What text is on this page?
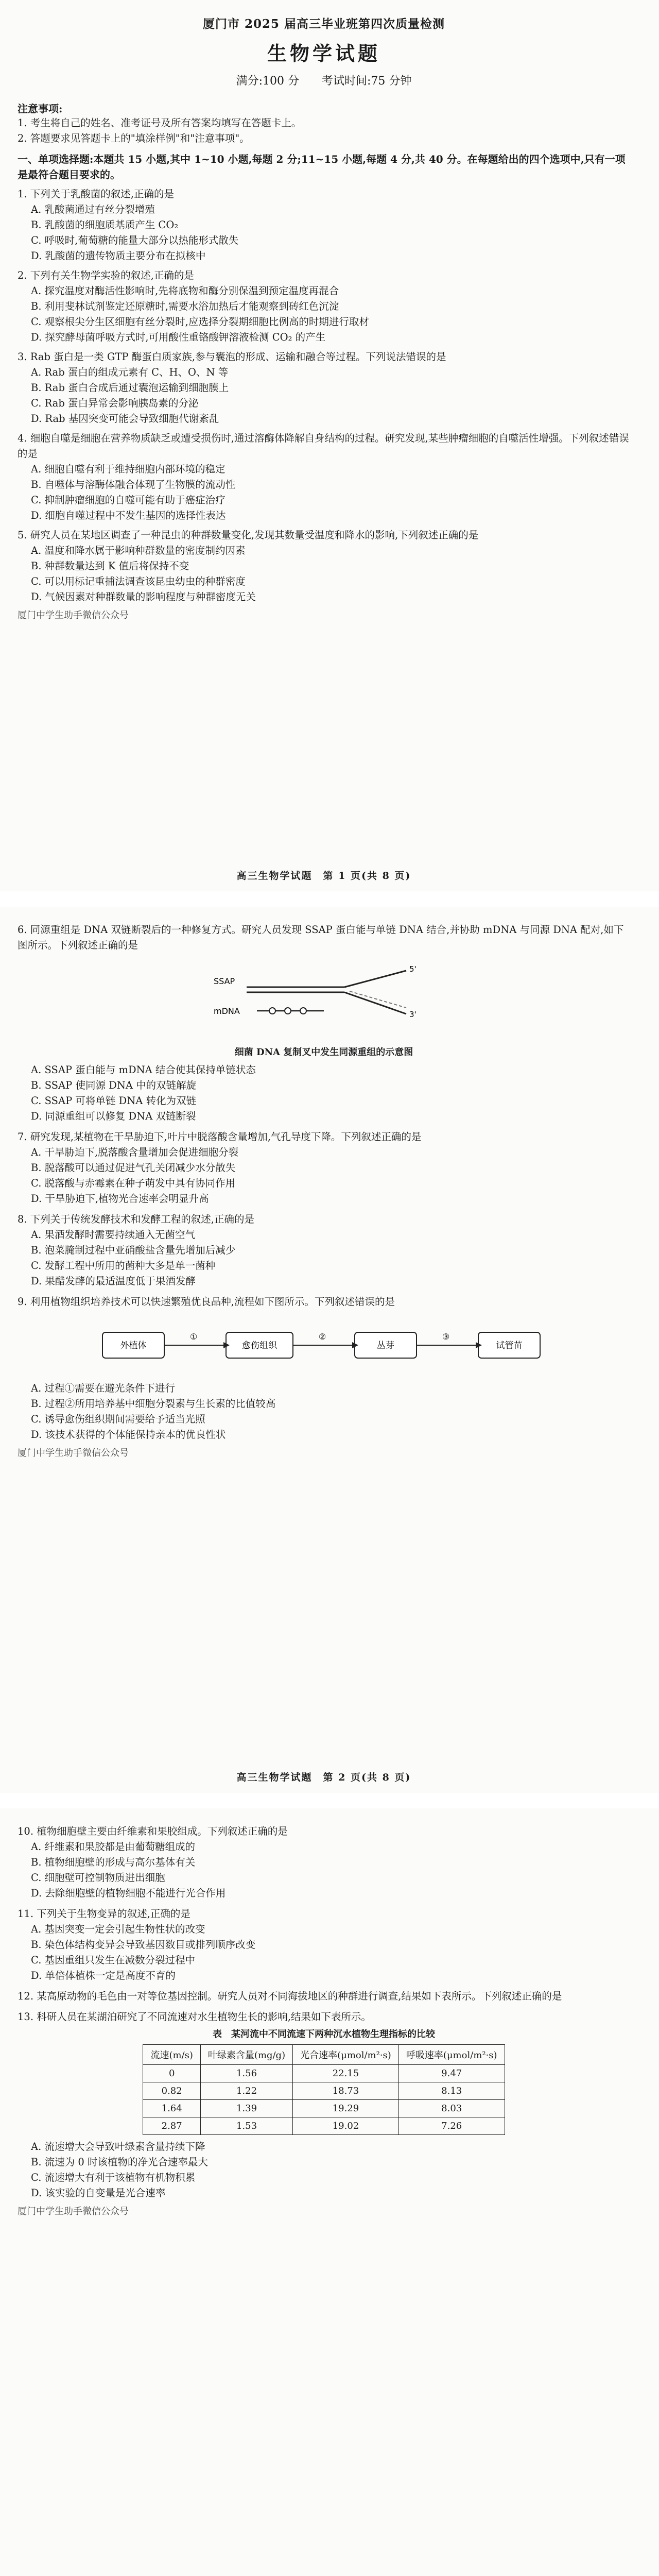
厦门市 2025 届高三毕业班第四次质量检测
生物学试题
满分:100 分　　考试时间:75 分钟
注意事项:

1. 考生将自己的姓名、准考证号及所有答案均填写在答题卡上。

2. 答题要求见答题卡上的"填涂样例"和"注意事项"。

一、单项选择题:本题共 15 小题,其中 1~10 小题,每题 2 分;11~15 小题,每题 4 分,共 40 分。在每题给出的四个选项中,只有一项是最符合题目要求的。

1. 下列关于乳酸菌的叙述,正确的是

A. 乳酸菌通过有丝分裂增殖

B. 乳酸菌的细胞质基质产生 CO₂

C. 呼吸时,葡萄糖的能量大部分以热能形式散失

D. 乳酸菌的遗传物质主要分布在拟核中

2. 下列有关生物学实验的叙述,正确的是

A. 探究温度对酶活性影响时,先将底物和酶分别保温到预定温度再混合

B. 利用斐林试剂鉴定还原糖时,需要水浴加热后才能观察到砖红色沉淀

C. 观察根尖分生区细胞有丝分裂时,应选择分裂期细胞比例高的时期进行取材

D. 探究酵母菌呼吸方式时,可用酸性重铬酸钾溶液检测 CO₂ 的产生

3. Rab 蛋白是一类 GTP 酶蛋白质家族,参与囊泡的形成、运输和融合等过程。下列说法错误的是

A. Rab 蛋白的组成元素有 C、H、O、N 等

B. Rab 蛋白合成后通过囊泡运输到细胞膜上

C. Rab 蛋白异常会影响胰岛素的分泌

D. Rab 基因突变可能会导致细胞代谢紊乱

4. 细胞自噬是细胞在营养物质缺乏或遭受损伤时,通过溶酶体降解自身结构的过程。研究发现,某些肿瘤细胞的自噬活性增强。下列叙述错误的是

A. 细胞自噬有利于维持细胞内部环境的稳定

B. 自噬体与溶酶体融合体现了生物膜的流动性

C. 抑制肿瘤细胞的自噬可能有助于癌症治疗

D. 细胞自噬过程中不发生基因的选择性表达

5. 研究人员在某地区调查了一种昆虫的种群数量变化,发现其数量受温度和降水的影响,下列叙述正确的是

A. 温度和降水属于影响种群数量的密度制约因素

B. 种群数量达到 K 值后将保持不变

C. 可以用标记重捕法调查该昆虫幼虫的种群密度

D. 气候因素对种群数量的影响程度与种群密度无关

厦门中学生助手微信公众号

高三生物学试题　第 1 页(共 8 页)

6. 同源重组是 DNA 双链断裂后的一种修复方式。研究人员发现 SSAP 蛋白能与单链 DNA 结合,并协助 mDNA 与同源 DNA 配对,如下图所示。下列叙述正确的是

SSAP
mDNA
5'
3'
细菌 DNA 复制叉中发生同源重组的示意图

A. SSAP 蛋白能与 mDNA 结合使其保持单链状态

B. SSAP 使同源 DNA 中的双链解旋

C. SSAP 可将单链 DNA 转化为双链

D. 同源重组可以修复 DNA 双链断裂

7. 研究发现,某植物在干旱胁迫下,叶片中脱落酸含量增加,气孔导度下降。下列叙述正确的是

A. 干旱胁迫下,脱落酸含量增加会促进细胞分裂

B. 脱落酸可以通过促进气孔关闭减少水分散失

C. 脱落酸与赤霉素在种子萌发中具有协同作用

D. 干旱胁迫下,植物光合速率会明显升高

8. 下列关于传统发酵技术和发酵工程的叙述,正确的是

A. 果酒发酵时需要持续通入无菌空气

B. 泡菜腌制过程中亚硝酸盐含量先增加后减少

C. 发酵工程中所用的菌种大多是单一菌种

D. 果醋发酵的最适温度低于果酒发酵

9. 利用植物组织培养技术可以快速繁殖优良品种,流程如下图所示。下列叙述错误的是

外植体	愈伤组织	丛芽	试管苗
①	②	③

A. 过程①需要在避光条件下进行

B. 过程②所用培养基中细胞分裂素与生长素的比值较高

C. 诱导愈伤组织期间需要给予适当光照

D. 该技术获得的个体能保持亲本的优良性状

厦门中学生助手微信公众号

高三生物学试题　第 2 页(共 8 页)

10. 植物细胞壁主要由纤维素和果胶组成。下列叙述正确的是

A. 纤维素和果胶都是由葡萄糖组成的

B. 植物细胞壁的形成与高尔基体有关

C. 细胞壁可控制物质进出细胞

D. 去除细胞壁的植物细胞不能进行光合作用

11. 下列关于生物变异的叙述,正确的是

A. 基因突变一定会引起生物性状的改变

B. 染色体结构变异会导致基因数目或排列顺序改变

C. 基因重组只发生在减数分裂过程中

D. 单倍体植株一定是高度不育的

12. 某高原动物的毛色由一对等位基因控制。研究人员对不同海拔地区的种群进行调查,结果如下表所示。下列叙述正确的是

13. 科研人员在某湖泊研究了不同流速对水生植物生长的影响,结果如下表所示。

表　某河流中不同流速下两种沉水植物生理指标的比较
流速(m/s)	叶绿素含量(mg/g)	光合速率(μmol/m²·s)	呼吸速率(μmol/m²·s)
0	1.56	22.15	9.47
0.82	1.22	18.73	8.13
1.64	1.39	19.29	8.03
2.87	1.53	19.02	7.26

A. 流速增大会导致叶绿素含量持续下降

B. 流速为 0 时该植物的净光合速率最大

C. 流速增大有利于该植物有机物积累

D. 该实验的自变量是光合速率

厦门中学生助手微信公众号
